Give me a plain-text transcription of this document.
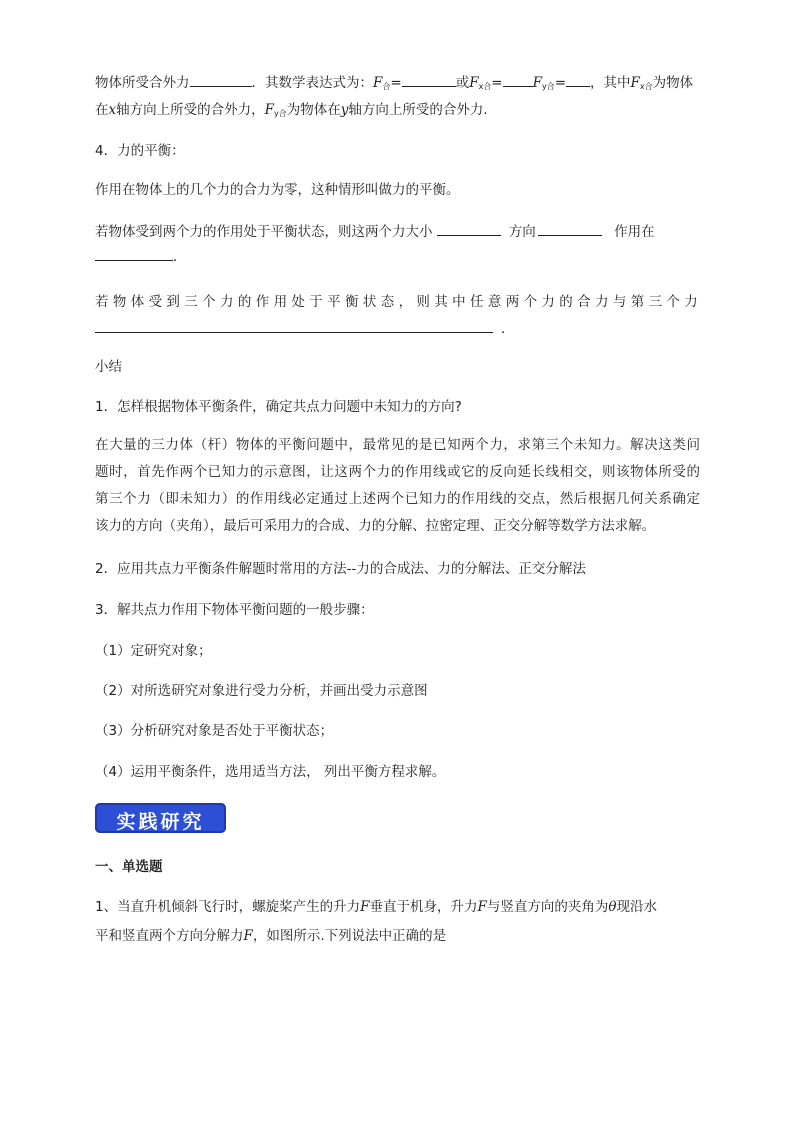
物体所受合外力	．其数学表达式为：$F_合=$	或$F_{x合}= F_{y合}=$ ，其中$F_{x合}$为物体
在x轴方向上所受的合外力，$F_{y合}$为物体在y轴方向上所受的合外力．
4．力的平衡：
作用在物体上的几个力的合力为零，这种情形叫做力的平衡。
若物体受到两个力的作用处于平衡状态，则这两个力大小	方向	作用在
．
若物体受到三个力的作用处于平衡状态，则其中任意两个力的合力与第三个力
．
小结
1．怎样根据物体平衡条件，确定共点力问题中未知力的方向?
在大量的三力体（杆）物体的平衡问题中，最常见的是已知两个力，求第三个未知力。解决这类问
题时，首先作两个已知力的示意图，让这两个力的作用线或它的反向延长线相交，则该物体所受的
第三个力（即未知力）的作用线必定通过上述两个已知力的作用线的交点，然后根据几何关系确定
该力的方向（夹角），最后可采用力的合成、力的分解、拉密定理、正交分解等数学方法求解。
2．应用共点力平衡条件解题时常用的方法--力的合成法、力的分解法、正交分解法
3．解共点力作用下物体平衡问题的一般步骤：
（1）定研究对象；
（2）对所选研究对象进行受力分析，并画出受力示意图
（3）分析研究对象是否处于平衡状态；
（4）运用平衡条件，选用适当方法， 列出平衡方程求解。
实践研究
一、单选题
1、当直升机倾斜飞行时，螺旋桨产生的升力F垂直于机身，升力F与竖直方向的夹角为θ现沿水
平和竖直两个方向分解力F，如图所示.下列说法中正确的是
